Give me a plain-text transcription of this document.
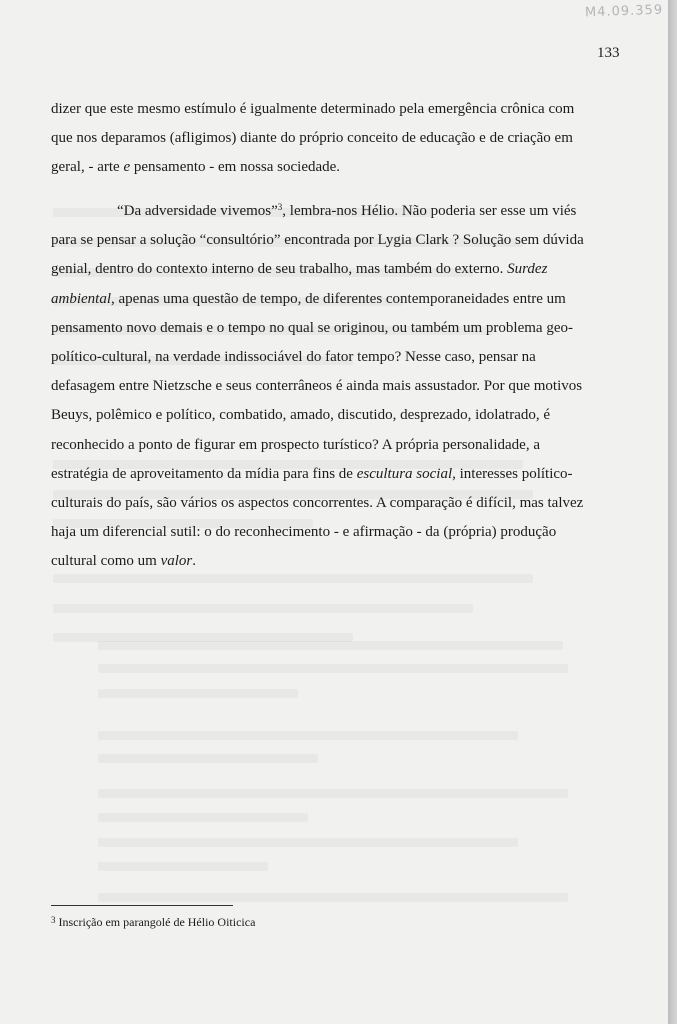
M4.09.359
133
dizer que este mesmo estímulo é igualmente determinado pela emergência crônica com
que nos deparamos (afligimos) diante do próprio conceito de educação e de criação em
geral, - arte e pensamento - em nossa sociedade.
“Da adversidade vivemos”$^3$, lembra-nos Hélio. Não poderia ser esse um viés
para se pensar a solução “consultório” encontrada por Lygia Clark ? Solução sem dúvida
genial, dentro do contexto interno de seu trabalho, mas também do externo. Surdez
ambiental, apenas uma questão de tempo, de diferentes contemporaneidades entre um
pensamento novo demais e o tempo no qual se originou, ou também um problema geo-
político-cultural, na verdade indissociável do fator tempo? Nesse caso, pensar na
defasagem entre Nietzsche e seus conterrâneos é ainda mais assustador. Por que motivos
Beuys, polêmico e político, combatido, amado, discutido, desprezado, idolatrado, é
reconhecido a ponto de figurar em prospecto turístico? A própria personalidade, a
estratégia de aproveitamento da mídia para fins de escultura social, interesses político-
culturais do país, são vários os aspectos concorrentes. A comparação é difícil, mas talvez
haja um diferencial sutil: o do reconhecimento - e afirmação - da (própria) produção
cultural como um valor.
$^3$ Inscrição em parangolé de Hélio Oiticica
